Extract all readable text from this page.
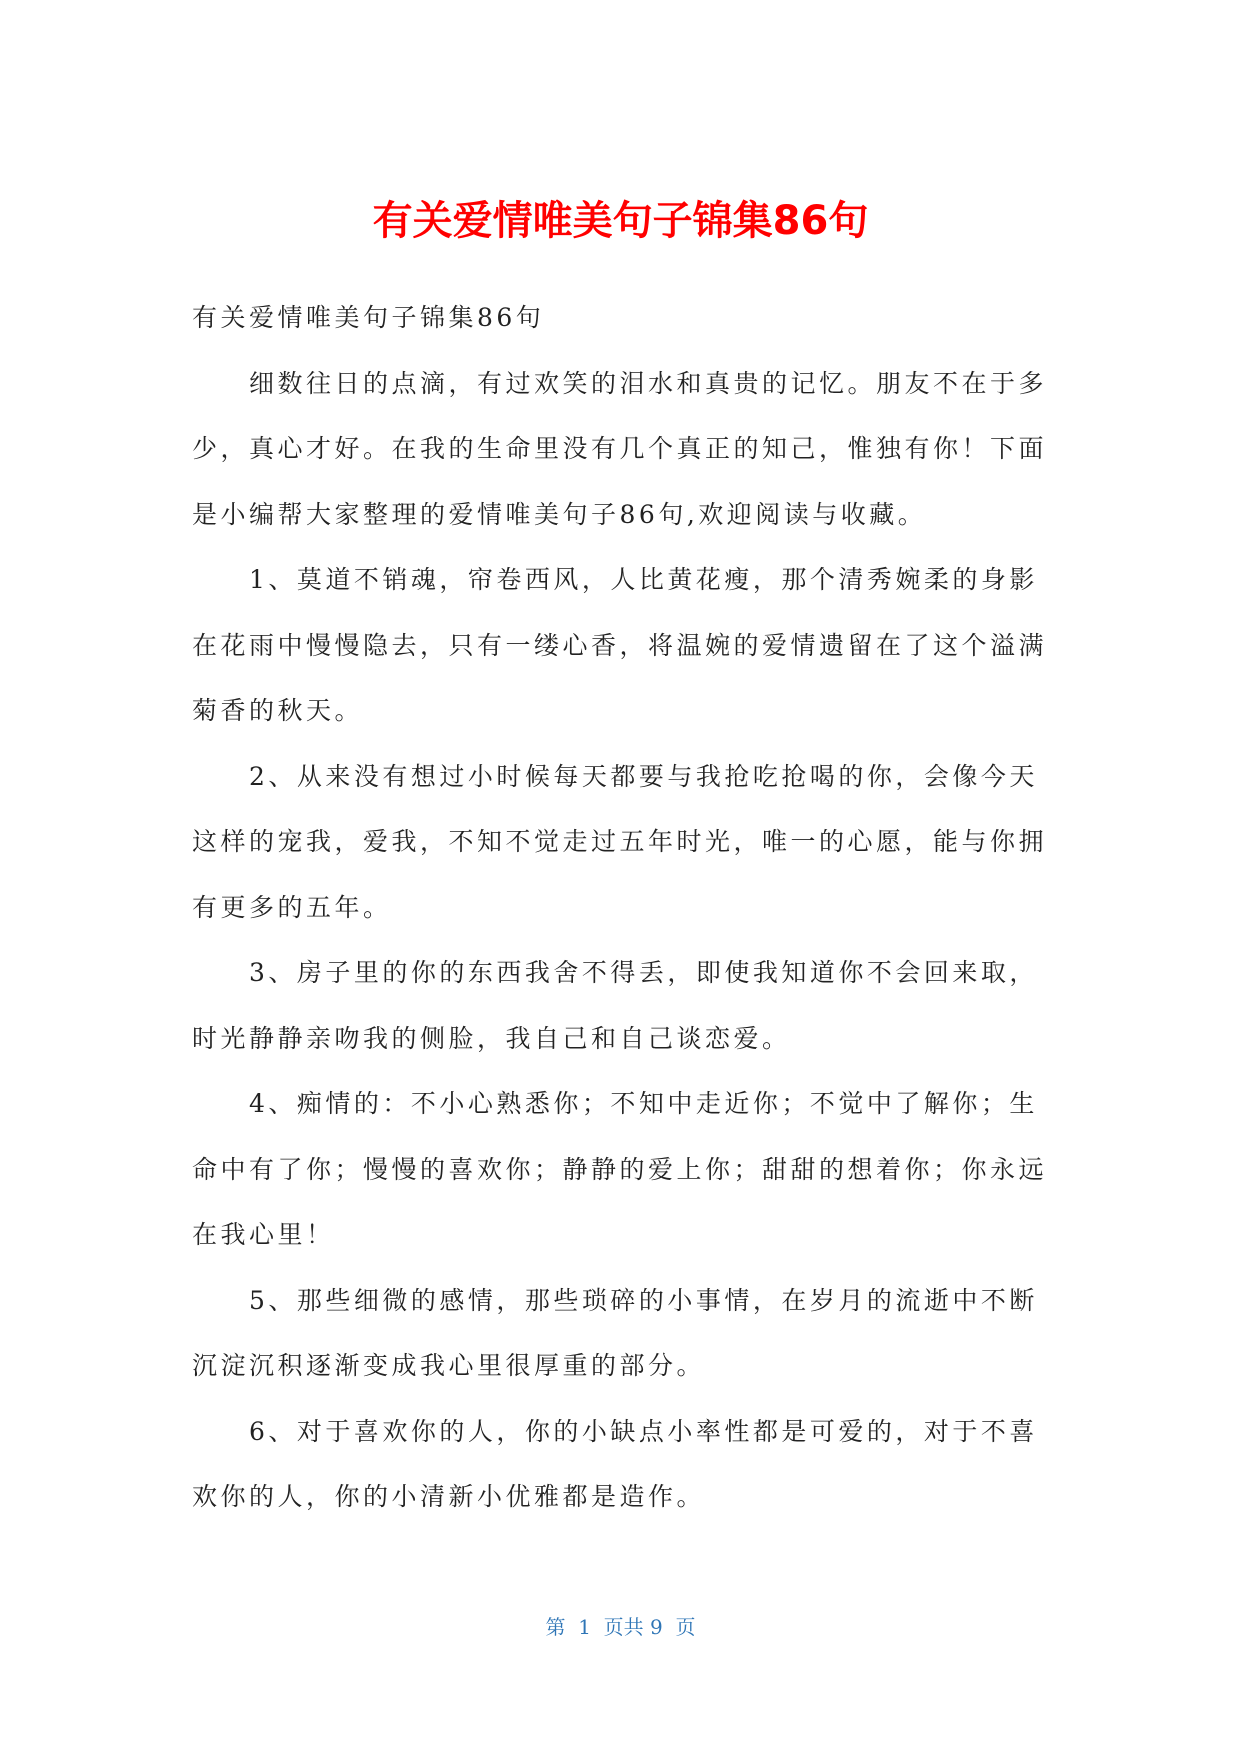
有关爱情唯美句子锦集86句

有关爱情唯美句子锦集86句

细数往日的点滴，有过欢笑的泪水和真贵的记忆。朋友不在于多少，真心才好。在我的生命里没有几个真正的知己，惟独有你！下面是小编帮大家整理的爱情唯美句子86句,欢迎阅读与收藏。

1、莫道不销魂，帘卷西风，人比黄花瘦，那个清秀婉柔的身影在花雨中慢慢隐去，只有一缕心香，将温婉的爱情遗留在了这个溢满菊香的秋天。

2、从来没有想过小时候每天都要与我抢吃抢喝的你，会像今天这样的宠我，爱我，不知不觉走过五年时光，唯一的心愿，能与你拥有更多的五年。

3、房子里的你的东西我舍不得丢，即使我知道你不会回来取，时光静静亲吻我的侧脸，我自己和自己谈恋爱。

4、痴情的：不小心熟悉你；不知中走近你；不觉中了解你；生命中有了你；慢慢的喜欢你；静静的爱上你；甜甜的想着你；你永远在我心里！

5、那些细微的感情，那些琐碎的小事情，在岁月的流逝中不断沉淀沉积逐渐变成我心里很厚重的部分。

6、对于喜欢你的人，你的小缺点小率性都是可爱的，对于不喜欢你的人，你的小清新小优雅都是造作。

第  1  页共 9  页
